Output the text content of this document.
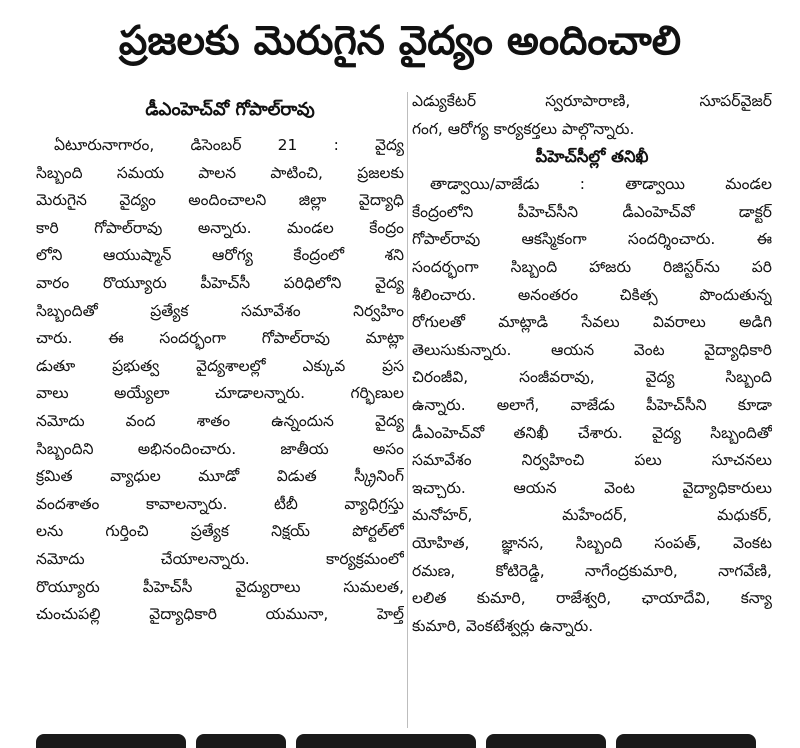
ప్రజలకు మెరుగైన వైద్యం అందించాలి
డీఎంహెచ్‌వో గోపాల్‌రావు
ఏటూరునాగారం, డిసెంబర్ 21 : వైద్య
సిబ్బంది సమయ పాలన పాటించి, ప్రజలకు
మెరుగైన వైద్యం అందించాలని జిల్లా వైద్యాధి
కారి గోపాల్‌రావు అన్నారు. మండల కేంద్రం
లోని ఆయుష్మాన్ ఆరోగ్య కేంద్రంలో శని
వారం రొయ్యూరు పీహెచ్‌సీ పరిధిలోని వైద్య
సిబ్బందితో ప్రత్యేక సమావేశం నిర్వహిం
చారు. ఈ సందర్భంగా గోపాల్‌రావు మాట్లా
డుతూ ప్రభుత్వ వైద్యశాలల్లో ఎక్కువ ప్రస
వాలు అయ్యేలా చూడాలన్నారు. గర్భిణుల
నమోదు వంద శాతం ఉన్నందున వైద్య
సిబ్బందిని అభినందించారు. జాతీయ అసం
క్రమిత వ్యాధుల మూడో విడుత స్క్రీనింగ్
వందశాతం కావాలన్నారు. టీబీ వ్యాధిగ్రస్తు
లను గుర్తించి ప్రత్యేక నిక్షయ్ పోర్టల్‌లో
నమోదు చేయాలన్నారు. కార్యక్రమంలో
రొయ్యూరు పీహెచ్‌సీ వైద్యురాలు సుమలత,
చుంచుపల్లి వైద్యాధికారి యమునా, హెల్త్
ఎడ్యుకేటర్ స్వరూపారాణి, సూపర్‌వైజర్
గంగ, ఆరోగ్య కార్యకర్తలు పాల్గొన్నారు.
పీహెచ్‌సీల్లో తనిఖీ
తాడ్వాయి/వాజేడు : తాడ్వాయి మండల
కేంద్రంలోని పీహెచ్‌సీని డీఎంహెచ్‌వో డాక్టర్
గోపాల్‌రావు ఆకస్మికంగా సందర్శించారు. ఈ
సందర్భంగా సిబ్బంది హాజరు రిజిస్టర్‌ను పరి
శీలించారు. అనంతరం చికిత్స పొందుతున్న
రోగులతో మాట్లాడి సేవలు వివరాలు అడిగి
తెలుసుకున్నారు. ఆయన వెంట వైద్యాధికారి
చిరంజీవి, సంజీవరావు, వైద్య సిబ్బంది
ఉన్నారు. అలాగే, వాజేడు పీహెచ్‌సీని కూడా
డీఎంహెచ్‌వో తనిఖీ చేశారు. వైద్య సిబ్బందితో
సమావేశం నిర్వహించి పలు సూచనలు
ఇచ్చారు. ఆయన వెంట వైద్యాధికారులు
మనోహర్, మహేందర్, మధుకర్,
యోహిత, జ్ఞానస, సిబ్బంది సంపత్, వెంకట
రమణ, కోటిరెడ్డి, నాగేంద్రకుమారి, నాగవేణి,
లలిత కుమారి, రాజేశ్వరి, ఛాయాదేవి, కన్యా
కుమారి, వెంకటేశ్వర్లు ఉన్నారు.
